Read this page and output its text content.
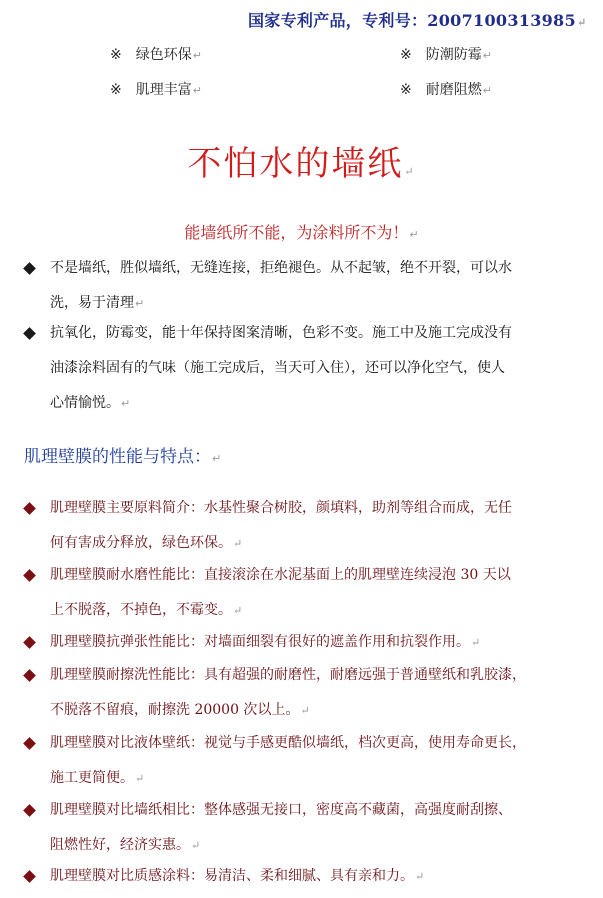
国家专利产品，专利号：200710031398​5↵
※ 绿色环保↵	※ 防潮防霉↵
※ 肌理丰富↵	※ 耐磨阻燃↵
不怕水的墙纸↵
能墙纸所不能，为涂料所不为！↵
不是墙纸，胜似墙纸，无缝连接，拒绝褪色。从不起皱，绝不开裂，可以水
洗，易于清理↵
抗氧化，防霉变，能十年保持图案清晰，色彩不变。施工中及施工完成没有
油漆涂料固有的气味（施工完成后，当天可入住），还可以净化空气，使人
心情愉悦。↵
肌理壁膜的性能与特点：↵
肌理壁膜主要原料简介：水基性聚合树胶，颜填料，助剂等组合而成，无任
何有害成分释放，绿色环保。↵
肌理壁膜耐水磨性能比：直接滚涂在水泥基面上的肌理壁连续浸泡 30 天以
上不脱落，不掉色，不霉变。↵
肌理壁膜抗弹张性能比：对墙面细裂有很好的遮盖作用和抗裂作用。↵
肌理壁膜耐擦洗性能比：具有超强的耐磨性，耐磨远强于普通壁纸和乳胶漆，
不脱落不留痕，耐擦洗 20000 次以上。↵
肌理壁膜对比液体壁纸：视觉与手感更酷似墙纸，档次更高，使用寿命更长，
施工更简便。↵
肌理壁膜对比墙纸相比：整体感强无接口，密度高不藏菌，高强度耐刮擦、
阻燃性好，经济实惠。↵
肌理壁膜对比质感涂料：易清洁、柔和细腻、具有亲和力。↵
